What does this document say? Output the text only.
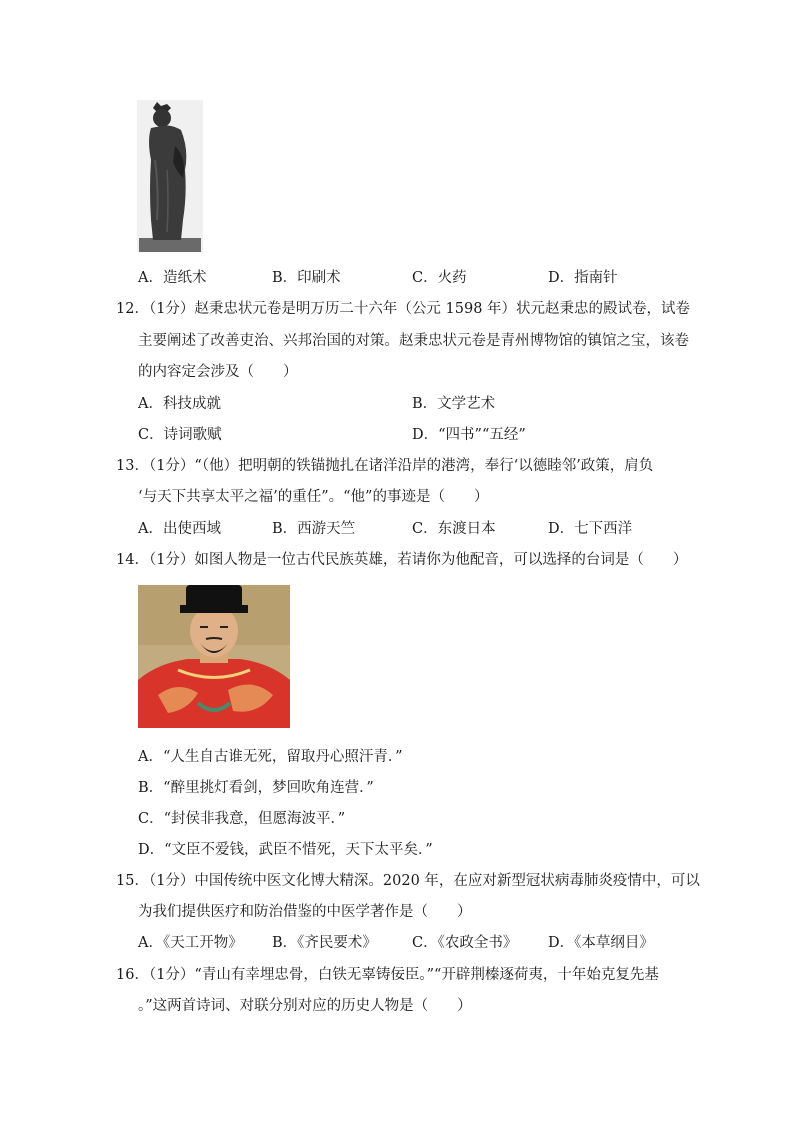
A．造纸术	B．印刷术	C．火药	D．指南针
12．（1分）赵秉忠状元卷是明万历二十六年（公元 1598 年）状元赵秉忠的殿试卷，试卷
主要阐述了改善吏治、兴邦治国的对策。赵秉忠状元卷是青州博物馆的镇馆之宝，该卷
的内容定会涉及（　　）
A．科技成就	B．文学艺术
C．诗词歌赋	D．“四书”“五经”
13．（1分）“（他）把明朝的铁锚抛扎在诸洋沿岸的港湾，奉行‘以德睦邻’政策，肩负
‘与天下共享太平之福’的重任”。“他”的事迹是（　　）
A．出使西域	B．西游天竺	C．东渡日本	D．七下西洋
14．（1分）如图人物是一位古代民族英雄，若请你为他配音，可以选择的台词是（　　）
A．“人生自古谁无死，留取丹心照汗青．”
B．“醉里挑灯看剑，梦回吹角连营．”
C．“封侯非我意，但愿海波平．”
D．“文臣不爱钱，武臣不惜死，天下太平矣．”
15．（1分）中国传统中医文化博大精深。2020 年，在应对新型冠状病毒肺炎疫情中，可以
为我们提供医疗和防治借鉴的中医学著作是（　　）
A．《天工开物》 B．《齐民要术》 C．《农政全书》 D．《本草纲目》
16．（1分）“青山有幸埋忠骨，白铁无辜铸佞臣。”“开辟荆榛逐荷夷，十年始克复先基
。”这两首诗词、对联分别对应的历史人物是（　　）
